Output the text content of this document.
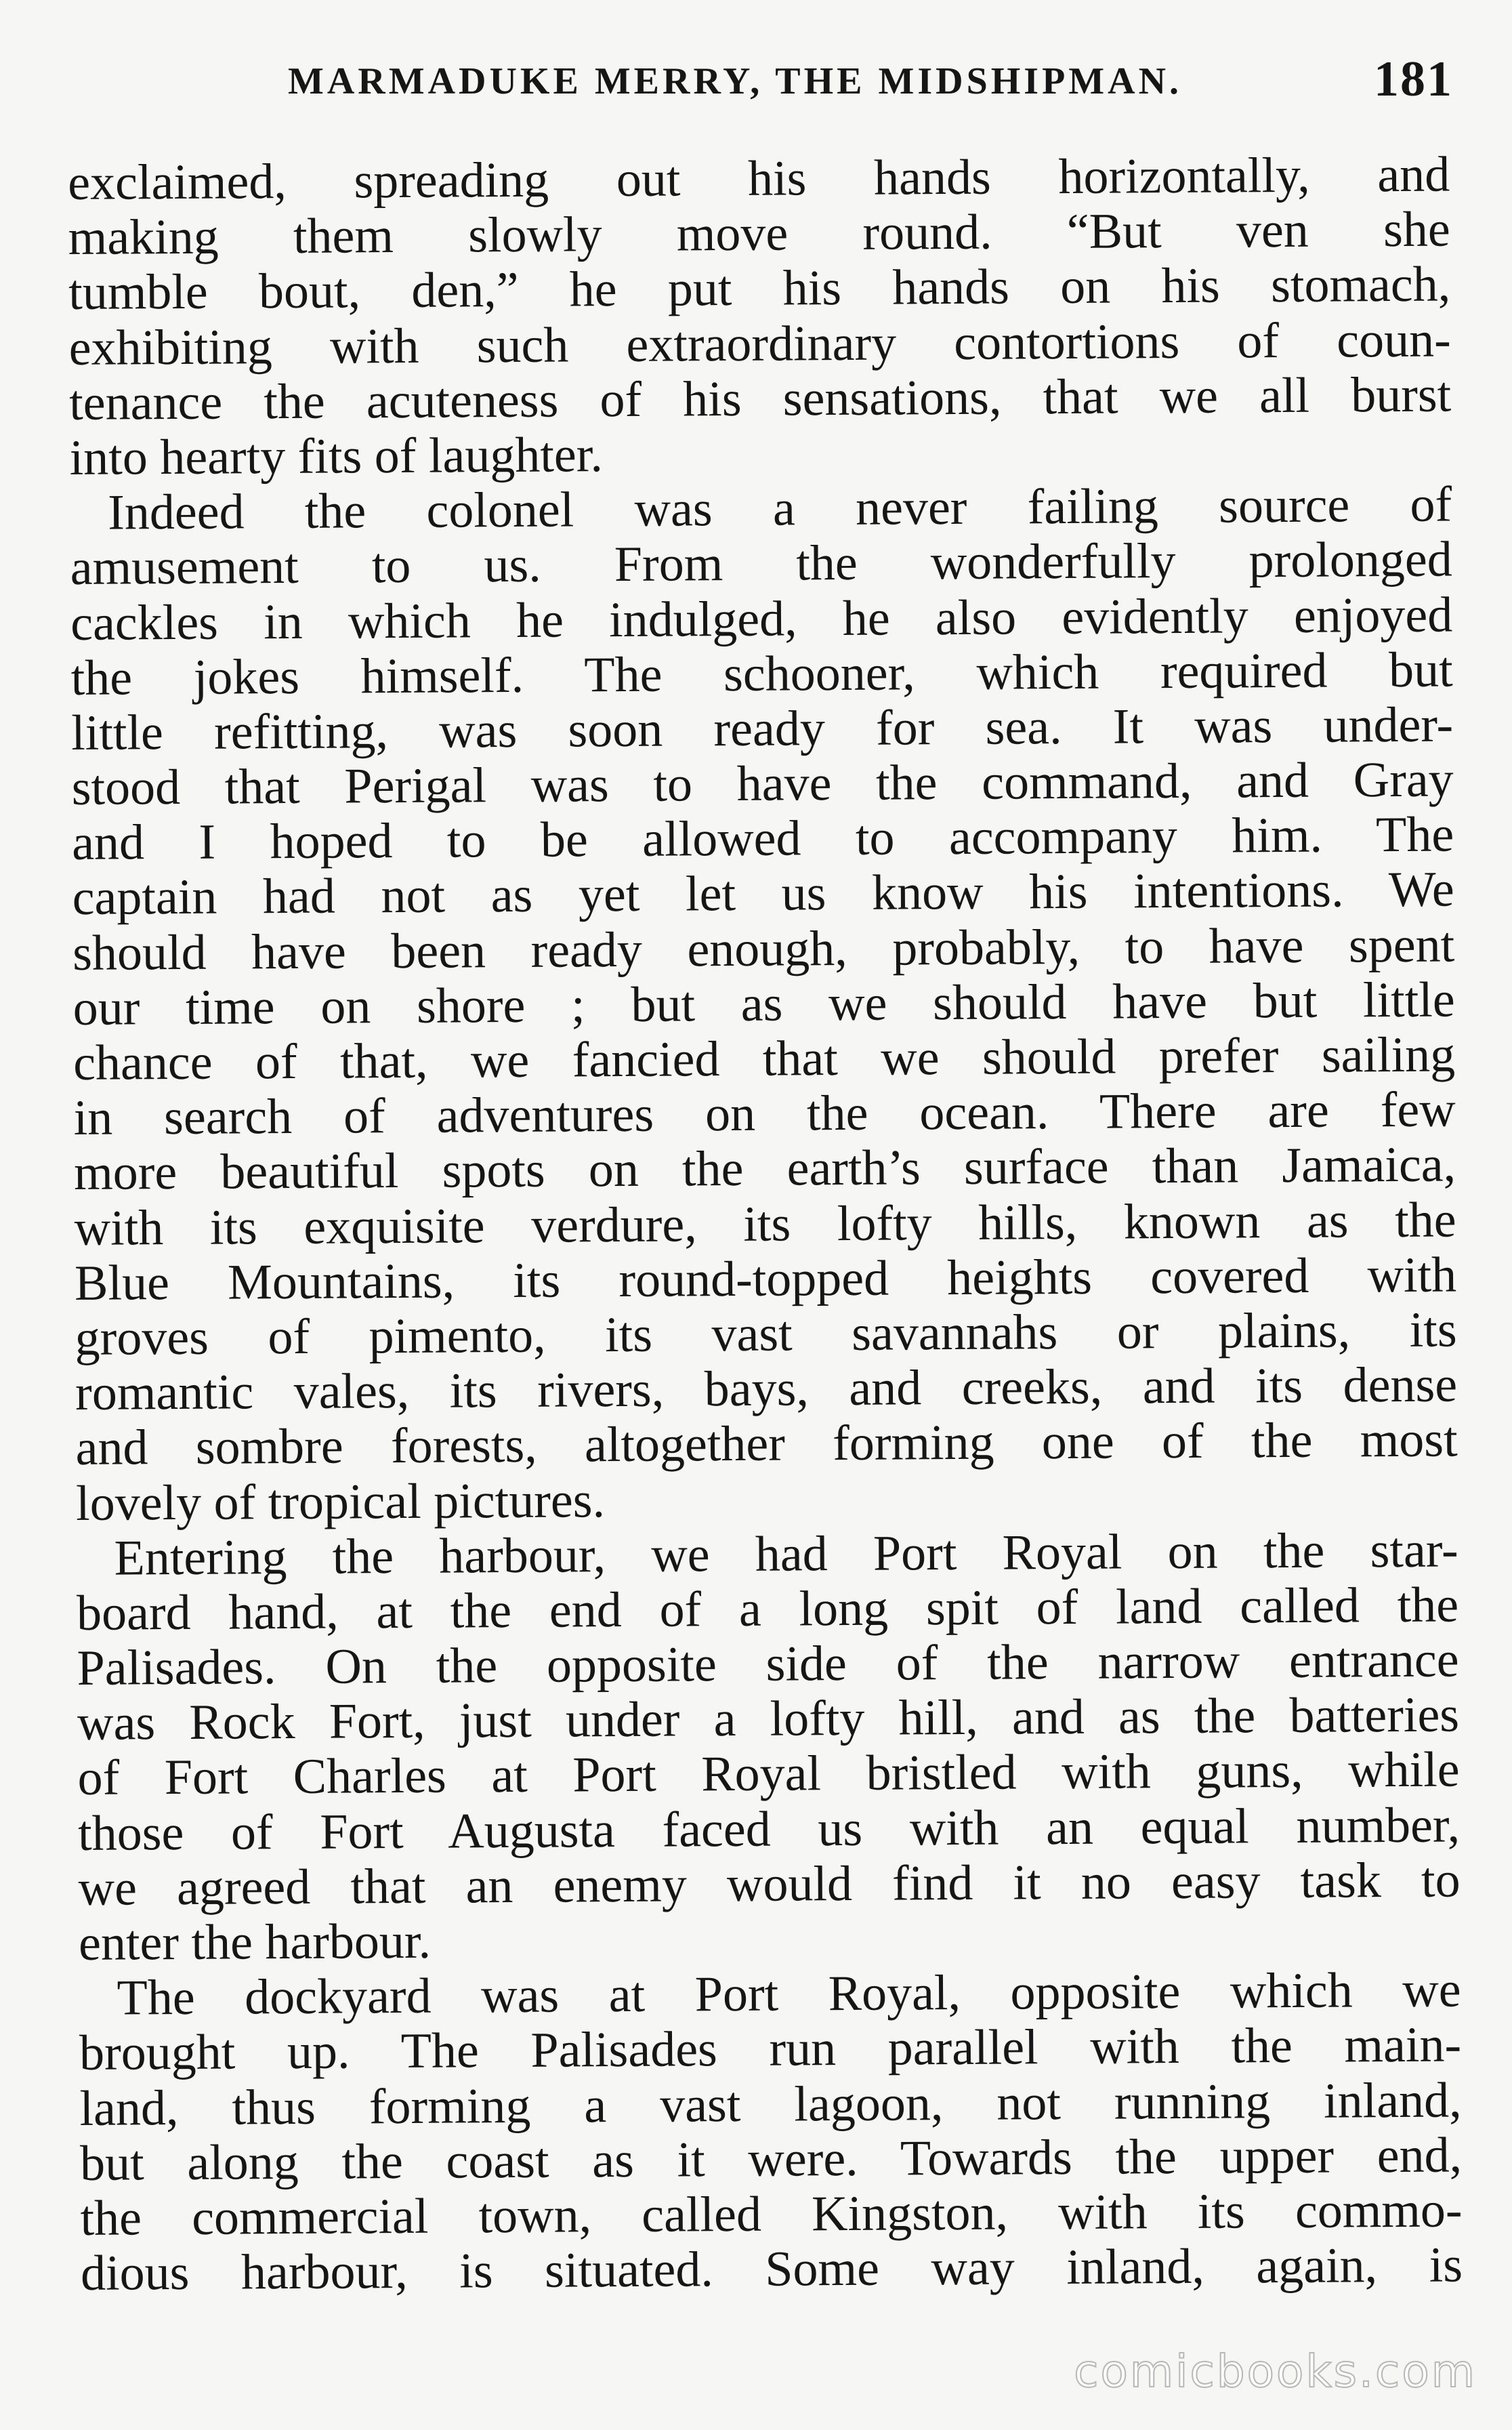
MARMADUKE MERRY, THE MIDSHIPMAN.	181
exclaimed, spreading out his hands horizontally, and
making them slowly move round. “But ven she
tumble bout, den,” he put his hands on his stomach,
exhibiting with such extraordinary contortions of coun-
tenance the acuteness of his sensations, that we all burst
into hearty fits of laughter.
Indeed the colonel was a never failing source of
amusement to us. From the wonderfully prolonged
cackles in which he indulged, he also evidently enjoyed
the jokes himself. The schooner, which required but
little refitting, was soon ready for sea. It was under-
stood that Perigal was to have the command, and Gray
and I hoped to be allowed to accompany him. The
captain had not as yet let us know his intentions. We
should have been ready enough, probably, to have spent
our time on shore ; but as we should have but little
chance of that, we fancied that we should prefer sailing
in search of adventures on the ocean. There are few
more beautiful spots on the earth’s surface than Jamaica,
with its exquisite verdure, its lofty hills, known as the
Blue Mountains, its round-topped heights covered with
groves of pimento, its vast savannahs or plains, its
romantic vales, its rivers, bays, and creeks, and its dense
and sombre forests, altogether forming one of the most
lovely of tropical pictures.
Entering the harbour, we had Port Royal on the star-
board hand, at the end of a long spit of land called the
Palisades. On the opposite side of the narrow entrance
was Rock Fort, just under a lofty hill, and as the batteries
of Fort Charles at Port Royal bristled with guns, while
those of Fort Augusta faced us with an equal number,
we agreed that an enemy would find it no easy task to
enter the harbour.
The dockyard was at Port Royal, opposite which we
brought up. The Palisades run parallel with the main-
land, thus forming a vast lagoon, not running inland,
but along the coast as it were. Towards the upper end,
the commercial town, called Kingston, with its commo-
dious harbour, is situated. Some way inland, again, is
comicbooks.com
